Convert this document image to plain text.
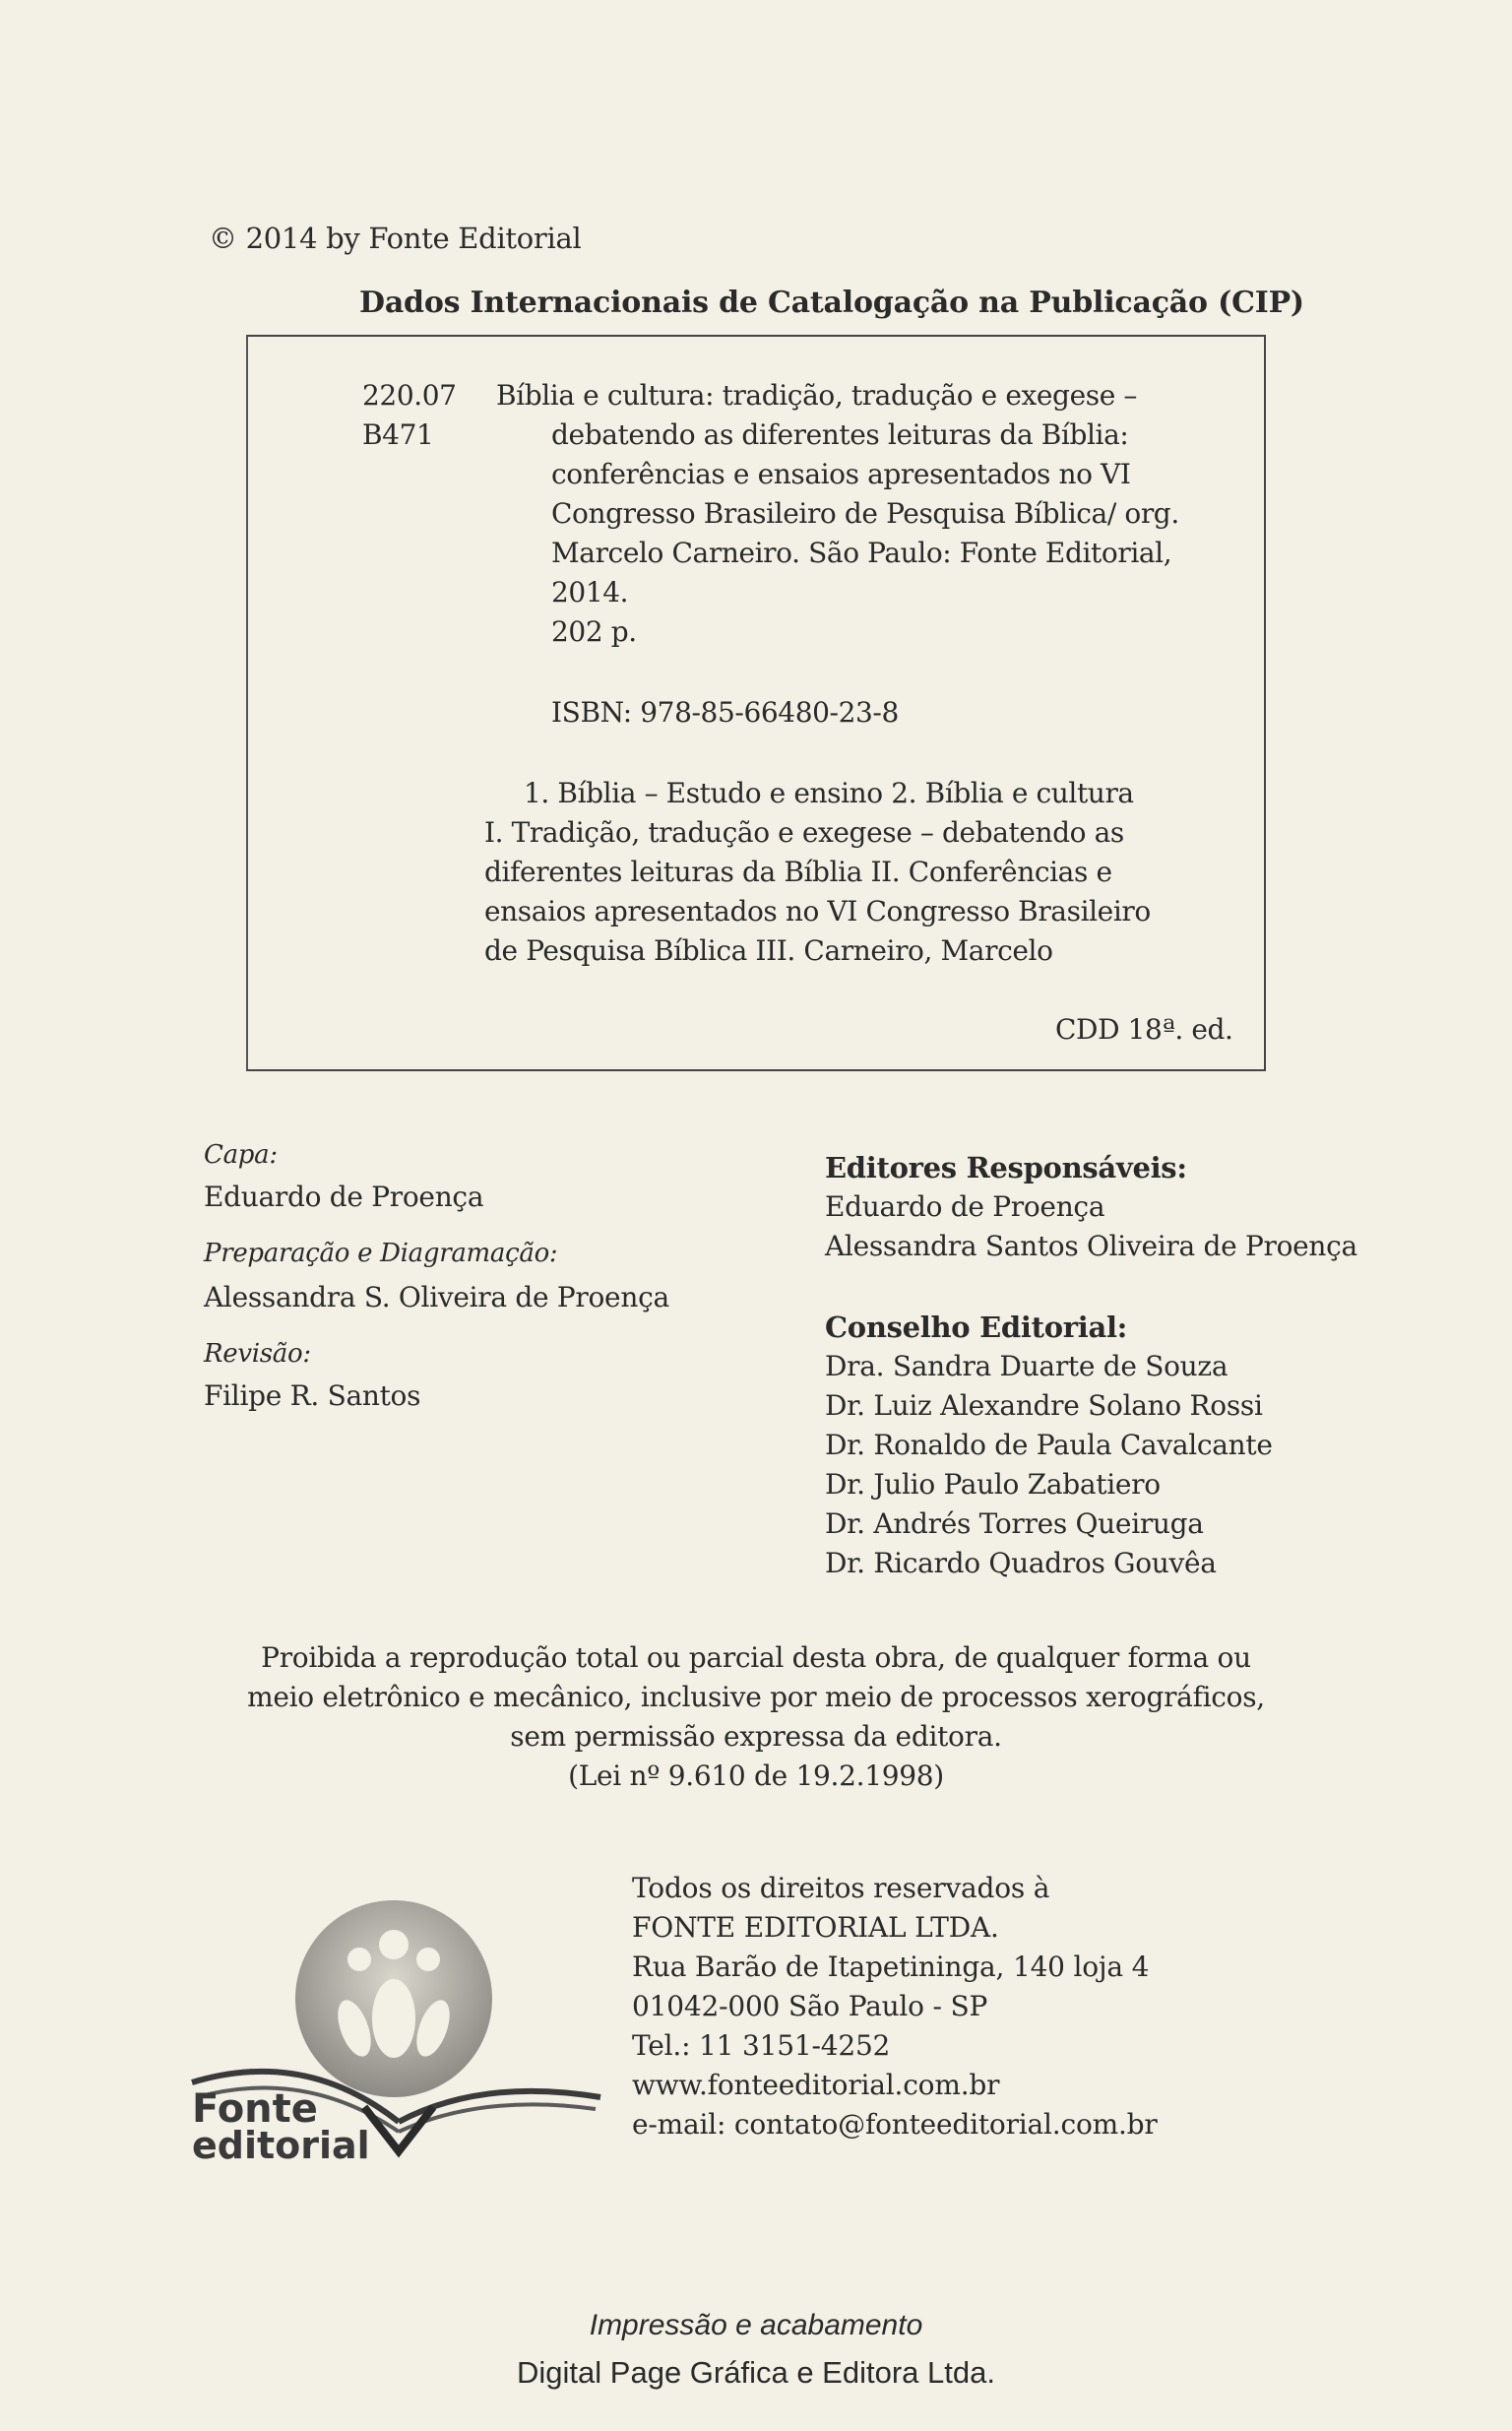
© 2014 by Fonte Editorial
Dados Internacionais de Catalogação na Publicação (CIP)
220.07
B471
Bíblia e cultura: tradição, tradução e exegese –
debatendo as diferentes leituras da Bíblia:
conferências e ensaios apresentados no VI
Congresso Brasileiro de Pesquisa Bíblica/ org.
Marcelo Carneiro. São Paulo: Fonte Editorial,
2014.
202 p.
ISBN: 978-85-66480-23-8
1. Bíblia – Estudo e ensino 2. Bíblia e cultura
I. Tradição, tradução e exegese – debatendo as
diferentes leituras da Bíblia II. Conferências e
ensaios apresentados no VI Congresso Brasileiro
de Pesquisa Bíblica III. Carneiro, Marcelo
CDD 18ª. ed.
Capa:
Eduardo de Proença
Preparação e Diagramação:
Alessandra S. Oliveira de Proença
Revisão:
Filipe R. Santos
Editores Responsáveis:
Eduardo de Proença
Alessandra Santos Oliveira de Proença
Conselho Editorial:
Dra. Sandra Duarte de Souza
Dr. Luiz Alexandre Solano Rossi
Dr. Ronaldo de Paula Cavalcante
Dr. Julio Paulo Zabatiero
Dr. Andrés Torres Queiruga
Dr. Ricardo Quadros Gouvêa
Proibida a reprodução total ou parcial desta obra, de qualquer forma ou
meio eletrônico e mecânico, inclusive por meio de processos xerográficos,
sem permissão expressa da editora.
(Lei nº 9.610 de 19.2.1998)
Fonte
editorial
Todos os direitos reservados à
FONTE EDITORIAL LTDA.
Rua Barão de Itapetininga, 140 loja 4
01042-000 São Paulo - SP
Tel.: 11 3151-4252
www.fonteeditorial.com.br
e-mail: contato@fonteeditorial.com.br
Impressão e acabamento
Digital Page Gráfica e Editora Ltda.
